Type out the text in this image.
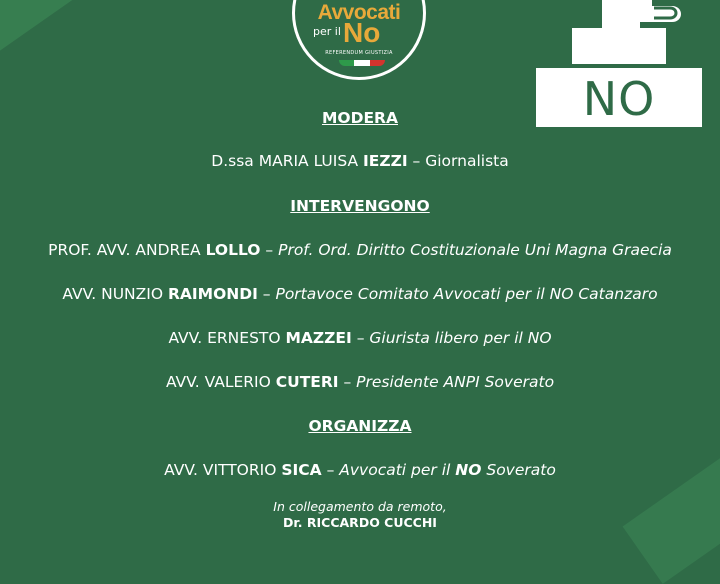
Avvocati
per il No
REFERENDUM GIUSTIZIA
NO
MODERA
D.ssa MARIA LUISA IEZZI – Giornalista
INTERVENGONO
PROF. AVV. ANDREA LOLLO – Prof. Ord. Diritto Costituzionale Uni Magna Graecia
AVV. NUNZIO RAIMONDI – Portavoce Comitato Avvocati per il NO Catanzaro
AVV. ERNESTO MAZZEI – Giurista libero per il NO
AVV. VALERIO CUTERI – Presidente ANPI Soverato
ORGANIZZA
AVV. VITTORIO SICA – Avvocati per il NO Soverato
In collegamento da remoto,
Dr. RICCARDO CUCCHI
